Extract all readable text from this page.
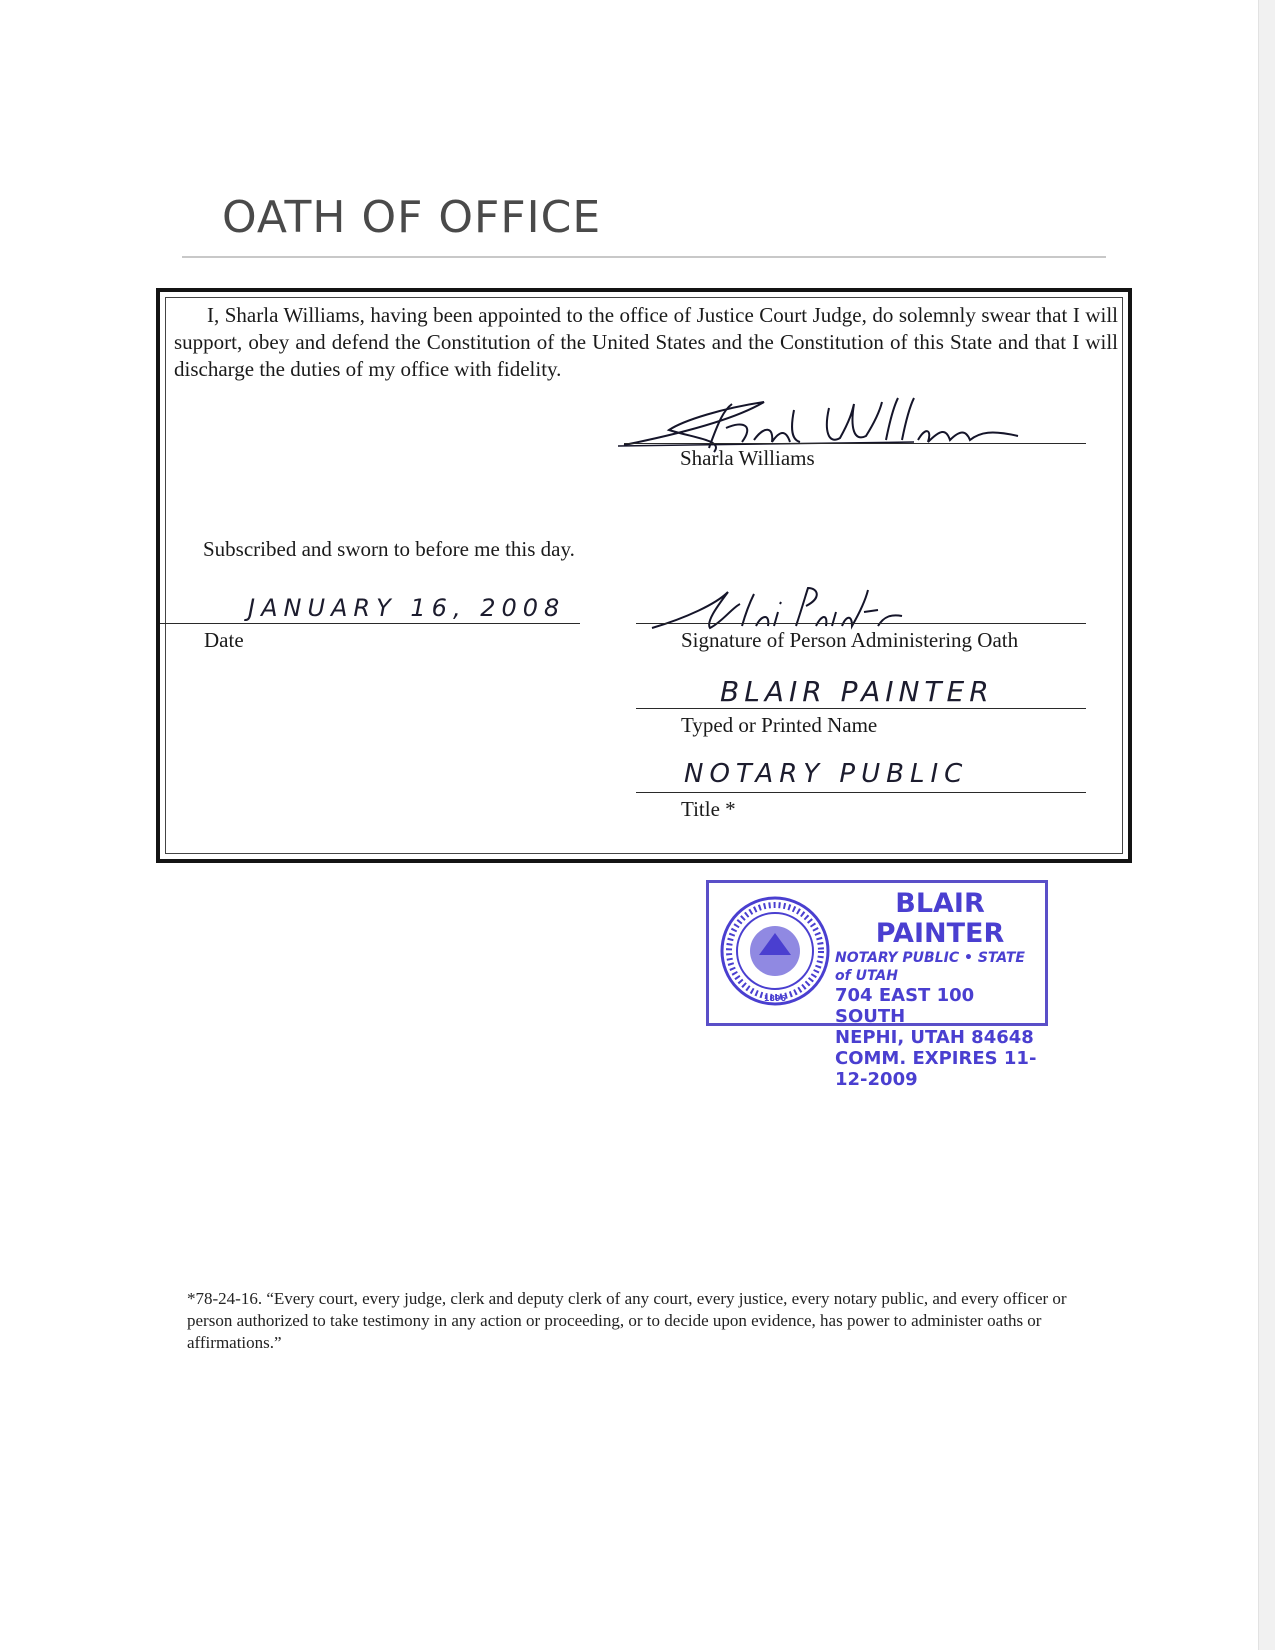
OATH OF OFFICE

I, Sharla Williams, having been appointed to the office of Justice Court Judge, do solemnly swear that I will support, obey and defend the Constitution of the United States and the Constitution of this State and that I will discharge the duties of my office with fidelity.

Sharla Williams
Subscribed and sworn to before me this day.
JANUARY 16, 2008
Date	Signature of Person Administering Oath
BLAIR PAINTER
Typed or Printed Name
NOTARY PUBLIC
Title *
1896
BLAIR PAINTER
NOTARY PUBLIC • STATE of UTAH
704 EAST 100 SOUTH
NEPHI, UTAH 84648
COMM. EXPIRES 11-12-2009

*78-24-16. “Every court, every judge, clerk and deputy clerk of any court, every justice, every notary public, and every officer or person authorized to take testimony in any action or proceeding, or to decide upon evidence, has power to administer oaths or affirmations.”
